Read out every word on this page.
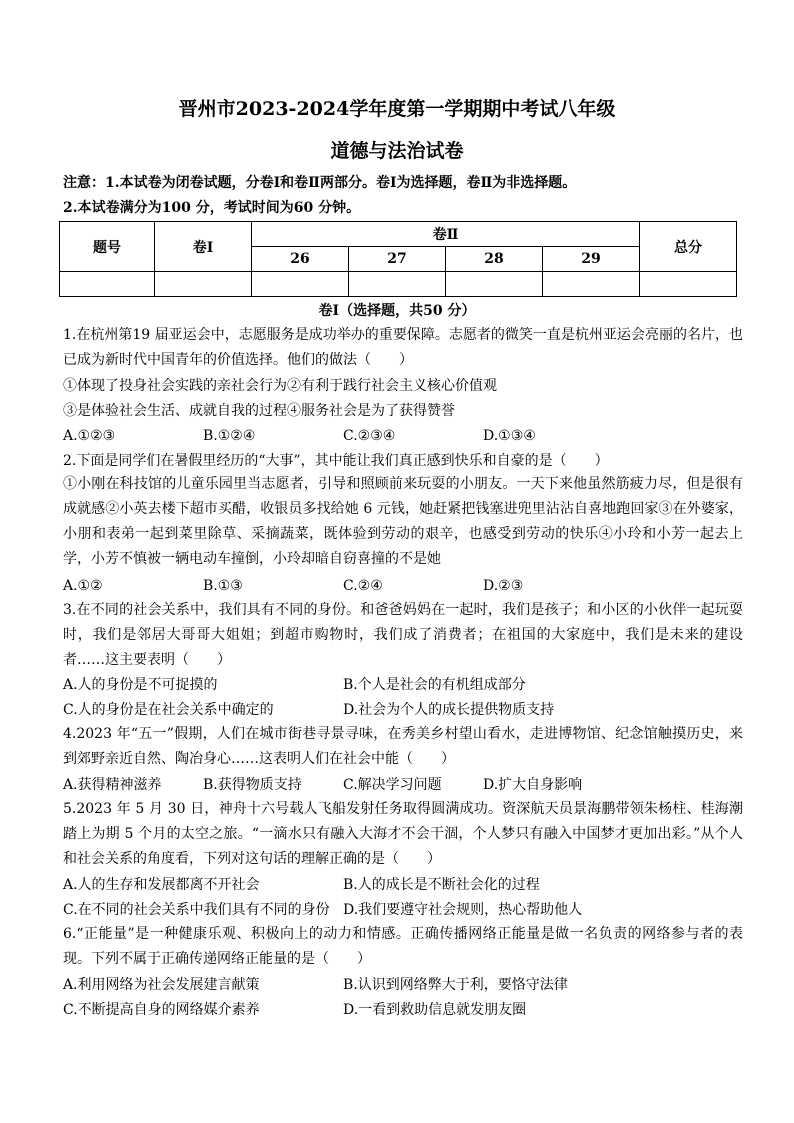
晋州市2023-2024学年度第一学期期中考试八年级
道德与法治试卷
注意：1.本试卷为闭卷试题，分卷Ⅰ和卷Ⅱ两部分。卷Ⅰ为选择题，卷Ⅱ为非选择题。
2.本试卷满分为100 分，考试时间为60 分钟。
题号	卷Ⅰ	卷Ⅱ				总分
		26	27	28	29	

卷Ⅰ（选择题，共50 分）
1.在杭州第19 届亚运会中，志愿服务是成功举办的重要保障。志愿者的微笑一直是杭州亚运会亮丽的名片，也已成为新时代中国青年的价值选择。他们的做法（　　）
①体现了投身社会实践的亲社会行为②有利于践行社会主义核心价值观
③是体验社会生活、成就自我的过程④服务社会是为了获得赞誉
A.①②③	B.①②④	C.②③④	D.①③④
2.下面是同学们在暑假里经历的“大事”，其中能让我们真正感到快乐和自豪的是（　　）
①小刚在科技馆的儿童乐园里当志愿者，引导和照顾前来玩耍的小朋友。一天下来他虽然筋疲力尽，但是很有成就感②小英去楼下超市买醋，收银员多找给她 6 元钱，她赶紧把钱塞进兜里沾沾自喜地跑回家③在外婆家，小朋和表弟一起到菜里除草、采摘蔬菜，既体验到劳动的艰辛，也感受到劳动的快乐④小玲和小芳一起去上学，小芳不慎被一辆电动车撞倒，小玲却暗自窃喜撞的不是她
A.①②	B.①③	C.②④	D.②③
3.在不同的社会关系中，我们具有不同的身份。和爸爸妈妈在一起时，我们是孩子；和小区的小伙伴一起玩耍时，我们是邻居大哥哥大姐姐；到超市购物时，我们成了消费者；在祖国的大家庭中，我们是未来的建设者……这主要表明（　　）
A.人的身份是不可捉摸的	B.个人是社会的有机组成部分
C.人的身份是在社会关系中确定的	D.社会为个人的成长提供物质支持
4.2023 年“五一”假期，人们在城市街巷寻景寻味，在秀美乡村望山看水，走进博物馆、纪念馆触摸历史，来到郊野亲近自然、陶冶身心……这表明人们在社会中能（　　）
A.获得精神滋养	B.获得物质支持	C.解决学习问题	D.扩大自身影响
5.2023 年 5 月 30 日，神舟十六号载人飞船发射任务取得圆满成功。资深航天员景海鹏带领朱杨柱、桂海潮踏上为期 5 个月的太空之旅。“一滴水只有融入大海才不会干涸，个人梦只有融入中国梦才更加出彩。”从个人和社会关系的角度看，下列对这句话的理解正确的是（　　）
A.人的生存和发展都离不开社会	B.人的成长是不断社会化的过程
C.在不同的社会关系中我们具有不同的身份 D.我们要遵守社会规则，热心帮助他人
6.“正能量”是一种健康乐观、积极向上的动力和情感。正确传播网络正能量是做一名负责的网络参与者的表现。下列不属于正确传递网络正能量的是（　　）
A.利用网络为社会发展建言献策	B.认识到网络弊大于利，要恪守法律
C.不断提高自身的网络媒介素养	D.一看到救助信息就发朋友圈
